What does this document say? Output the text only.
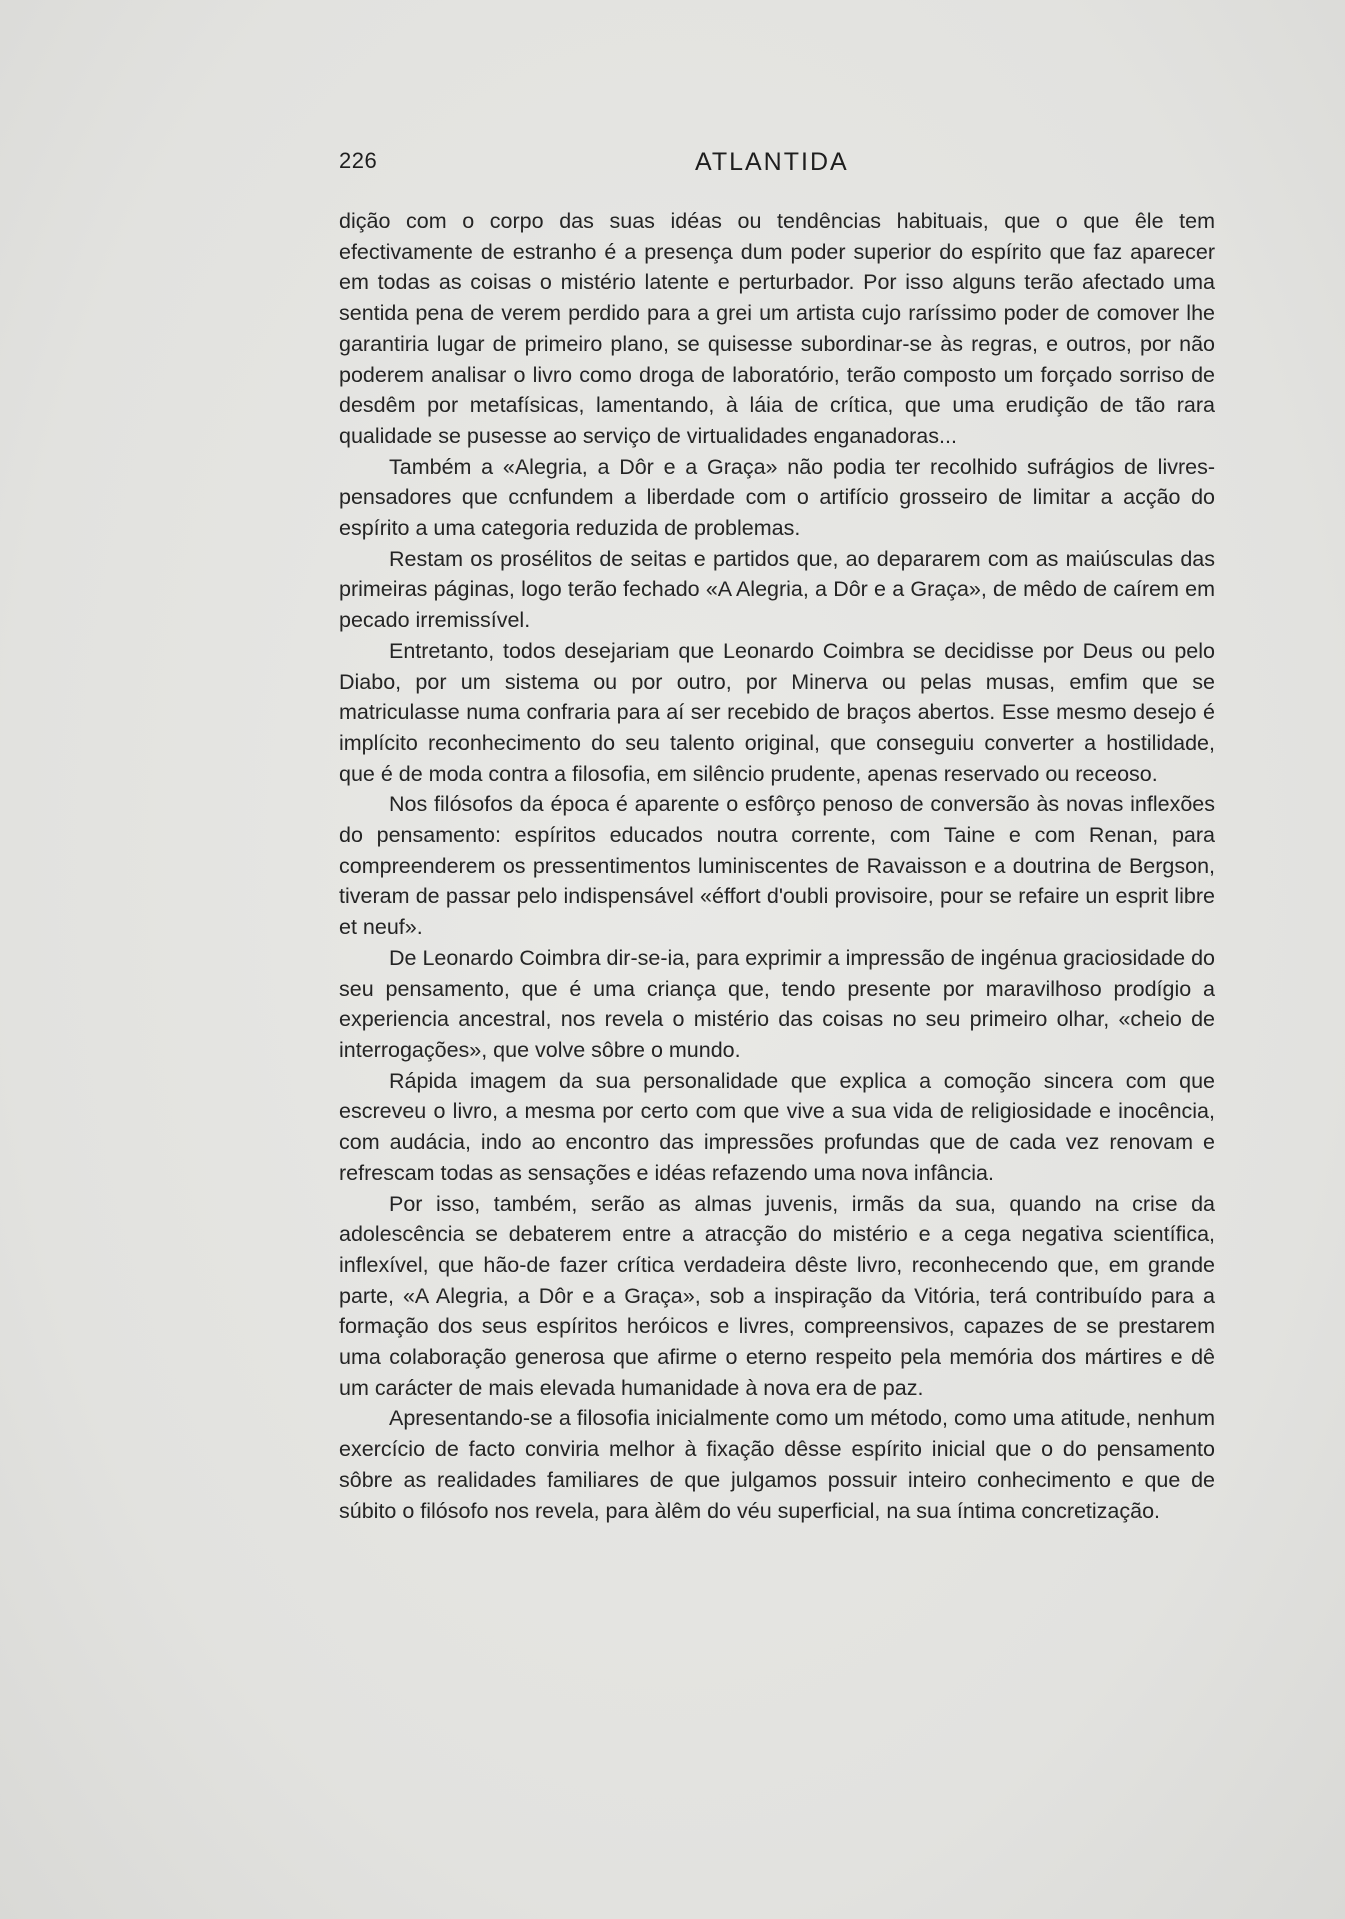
226	ATLANTIDA

dição com o corpo das suas idéas ou tendências habituais, que o que êle tem efectivamente de estranho é a presença dum poder superior do espírito que faz aparecer em todas as coisas o mistério latente e perturbador. Por isso alguns terão afectado uma sentida pena de verem perdido para a grei um artista cujo raríssimo poder de comover lhe garantiria lugar de primeiro plano, se quisesse subordinar-se às regras, e outros, por não poderem analisar o livro como droga de laboratório, terão composto um forçado sorriso de desdêm por metafísicas, lamentando, à láia de crítica, que uma erudição de tão rara qualidade se pusesse ao serviço de virtualidades enganadoras...

Também a «Alegria, a Dôr e a Graça» não podia ter recolhido sufrágios de livres-pensadores que ccnfundem a liberdade com o artifício grosseiro de limitar a acção do espírito a uma categoria reduzida de problemas.

Restam os prosélitos de seitas e partidos que, ao depararem com as maiúsculas das primeiras páginas, logo terão fechado «A Alegria, a Dôr e a Graça», de mêdo de caírem em pecado irremissível.

Entretanto, todos desejariam que Leonardo Coimbra se decidisse por Deus ou pelo Diabo, por um sistema ou por outro, por Minerva ou pelas musas, emfim que se matriculasse numa confraria para aí ser recebido de braços abertos. Esse mesmo desejo é implícito reconhecimento do seu talento original, que conseguiu converter a hostilidade, que é de moda contra a filosofia, em silêncio prudente, apenas reservado ou receoso.

Nos filósofos da época é aparente o esfôrço penoso de conversão às novas inflexões do pensamento: espíritos educados noutra corrente, com Taine e com Renan, para compreenderem os pressentimentos luminiscentes de Ravaisson e a doutrina de Bergson, tiveram de passar pelo indispensável «éffort d'oubli provisoire, pour se refaire un esprit libre et neuf».

De Leonardo Coimbra dir-se-ia, para exprimir a impressão de ingénua graciosidade do seu pensamento, que é uma criança que, tendo presente por maravilhoso prodígio a experiencia ancestral, nos revela o mistério das coisas no seu primeiro olhar, «cheio de interrogações», que volve sôbre o mundo.

Rápida imagem da sua personalidade que explica a comoção sincera com que escreveu o livro, a mesma por certo com que vive a sua vida de religiosidade e inocência, com audácia, indo ao encontro das impressões profundas que de cada vez renovam e refrescam todas as sensações e idéas refazendo uma nova infância.

Por isso, também, serão as almas juvenis, irmãs da sua, quando na crise da adolescência se debaterem entre a atracção do mistério e a cega negativa scientífica, inflexível, que hão-de fazer crítica verdadeira dêste livro, reconhecendo que, em grande parte, «A Alegria, a Dôr e a Graça», sob a inspiração da Vitória, terá contribuído para a formação dos seus espíritos heróicos e livres, compreensivos, capazes de se prestarem uma colaboração generosa que afirme o eterno respeito pela memória dos mártires e dê um carácter de mais elevada humanidade à nova era de paz.

Apresentando-se a filosofia inicialmente como um método, como uma atitude, nenhum exercício de facto conviria melhor à fixação dêsse espírito inicial que o do pensamento sôbre as realidades familiares de que julgamos possuir inteiro conhecimento e que de súbito o filósofo nos revela, para àlêm do véu superficial, na sua íntima concretização.
